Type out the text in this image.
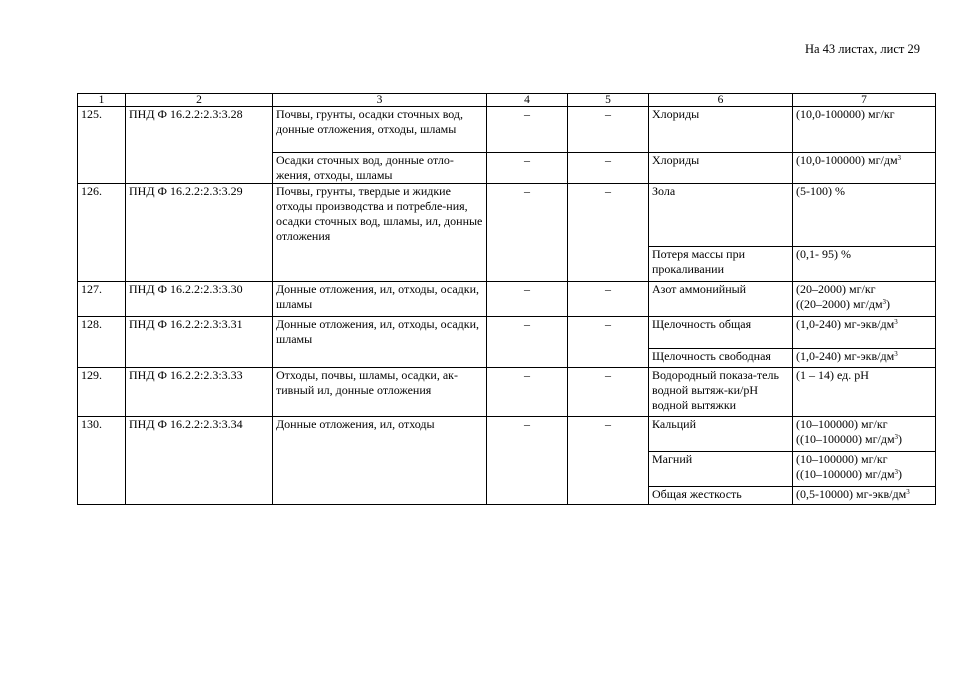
На 43 листах, лист 29
1	2	3	4	5	6	7
125.	ПНД Ф 16.2.2:2.3:3.28	Почвы, грунты, осадки сточных вод, донные отложения, отходы, шламы	–	–	Хлориды	(10,0-100000) мг/кг
		Осадки сточных вод, донные отло-жения, отходы, шламы	–	–	Хлориды	(10,0-100000) $мг/дм^3$
126.	ПНД Ф 16.2.2:2.3:3.29	Почвы, грунты, твердые и жидкие отходы производства и потребле-ния, осадки сточных вод, шламы, ил, донные отложения	–	–	Зола	(5-100) %
					Потеря массы при прокаливании	(0,1- 95) %
127.	ПНД Ф 16.2.2:2.3:3.30	Донные отложения, ил, отходы, осадки, шламы	–	–	Азот аммонийный	(20–2000) мг/кг
((20–2000) $мг/дм^3$)

128.	ПНД Ф 16.2.2:2.3:3.31	Донные отложения, ил, отходы, осадки, шламы	–	–	Щелочность общая	(1,0-240) $мг-экв/дм^3$
					Щелочность свободная	(1,0-240) $мг-экв/дм^3$
129.	ПНД Ф 16.2.2:2.3:3.33	Отходы, почвы, шламы, осадки, ак-тивный ил, донные отложения	–	–	Водородный показа-тель водной вытяж-ки/pH водной вытяжки	(1 – 14) ед. рН
130.	ПНД Ф 16.2.2:2.3:3.34	Донные отложения, ил, отходы	–	–	Кальций	(10–100000) мг/кг
((10–100000) $мг/дм^3$)

					Магний	(10–100000) мг/кг
((10–100000) $мг/дм^3$)

					Общая жесткость	(0,5-10000) $мг-экв/дм^3$
